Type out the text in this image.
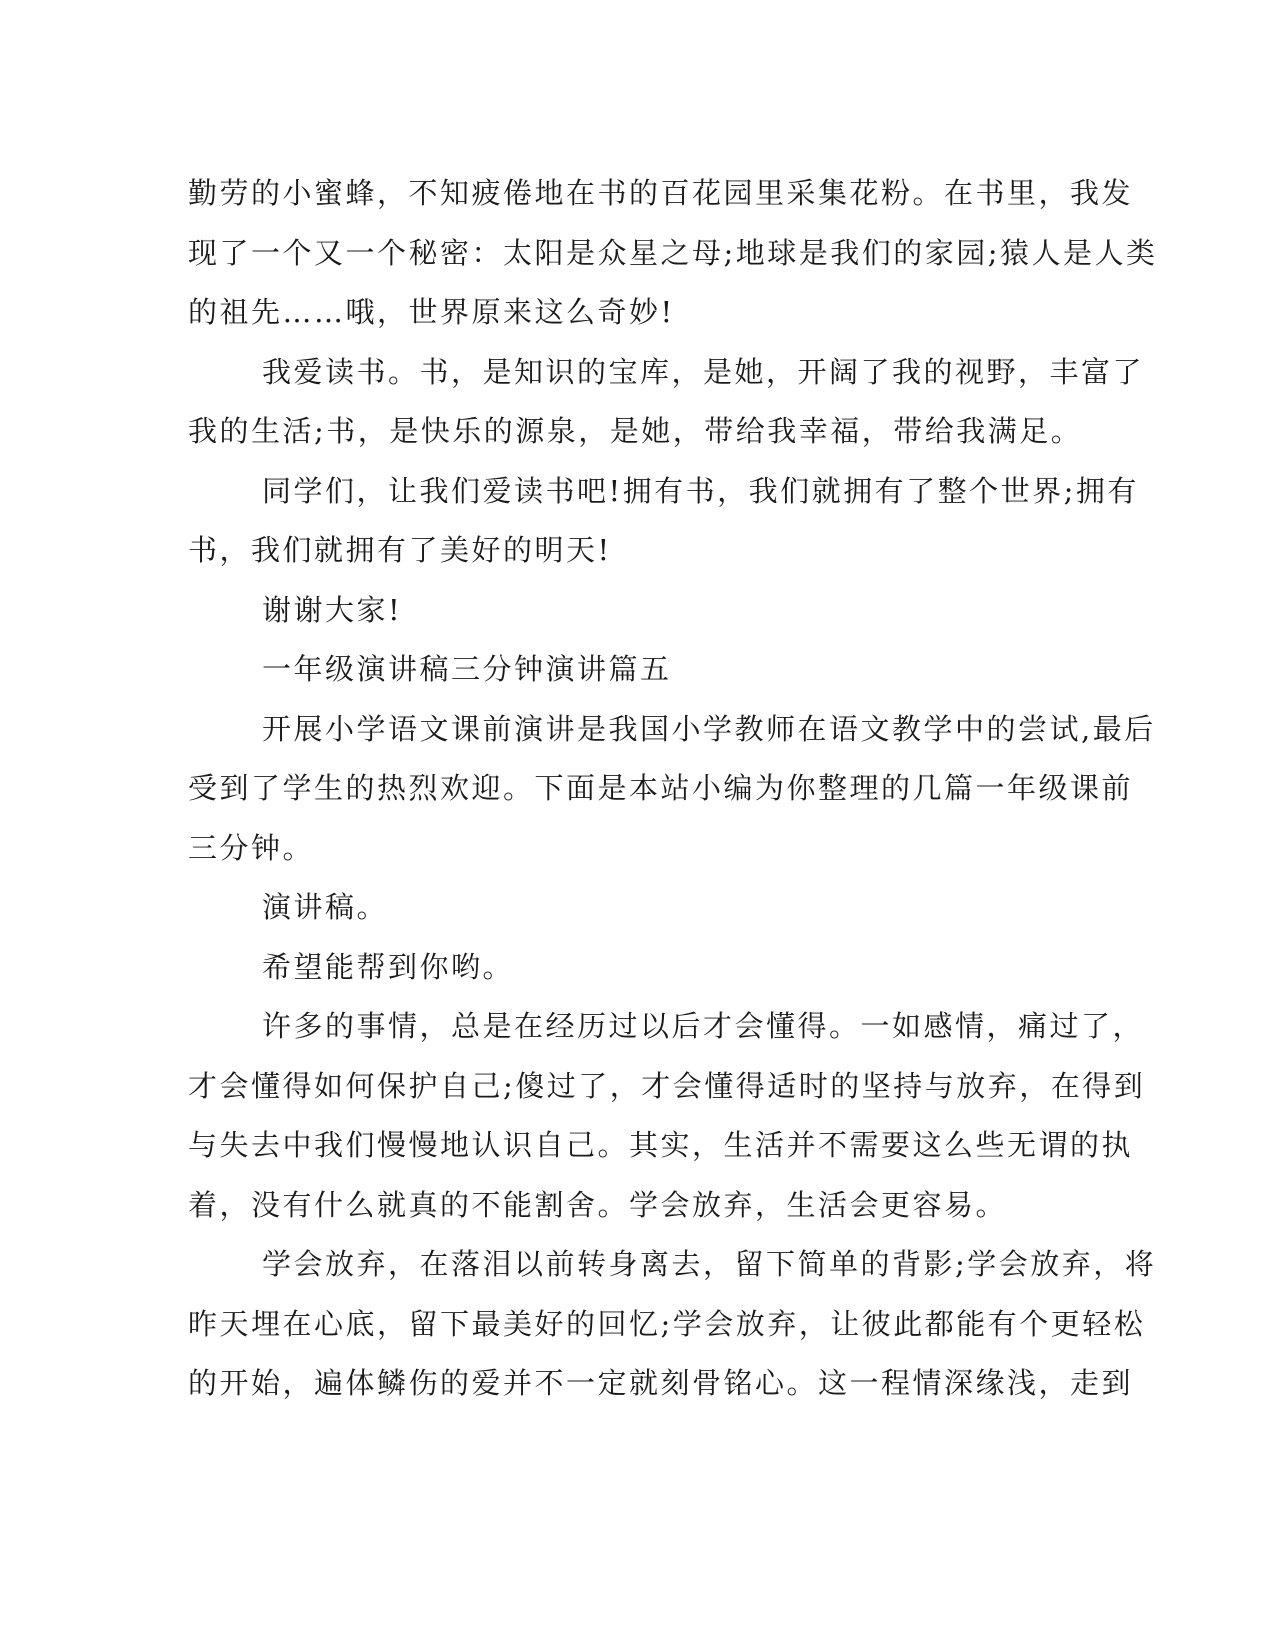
勤劳的小蜜蜂，不知疲倦地在书的百花园里采集花粉。在书里，我发
现了一个又一个秘密：太阳是众星之母;地球是我们的家园;猿人是人类
的祖先……哦，世界原来这么奇妙!
我爱读书。书，是知识的宝库，是她，开阔了我的视野，丰富了
我的生活;书，是快乐的源泉，是她，带给我幸福，带给我满足。
同学们，让我们爱读书吧!拥有书，我们就拥有了整个世界;拥有
书，我们就拥有了美好的明天!
谢谢大家!
一年级演讲稿三分钟演讲篇五
开展小学语文课前演讲是我国小学教师在语文教学中的尝试,最后
受到了学生的热烈欢迎。下面是本站小编为你整理的几篇一年级课前
三分钟。
演讲稿。
希望能帮到你哟。
许多的事情，总是在经历过以后才会懂得。一如感情，痛过了，
才会懂得如何保护自己;傻过了，才会懂得适时的坚持与放弃，在得到
与失去中我们慢慢地认识自己。其实，生活并不需要这么些无谓的执
着，没有什么就真的不能割舍。学会放弃，生活会更容易。
学会放弃，在落泪以前转身离去，留下简单的背影;学会放弃，将
昨天埋在心底，留下最美好的回忆;学会放弃，让彼此都能有个更轻松
的开始，遍体鳞伤的爱并不一定就刻骨铭心。这一程情深缘浅，走到
